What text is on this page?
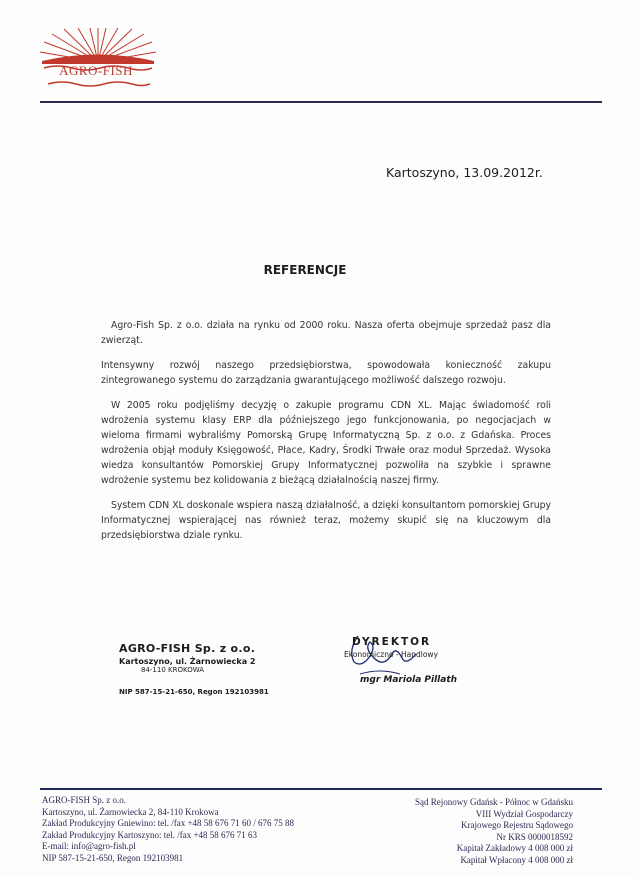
AGRO-FISH
Kartoszyno, 13.09.2012r.
REFERENCJE

Agro-Fish Sp. z o.o. działa na rynku od 2000 roku. Nasza oferta obejmuje sprzedaż pasz dla zwierząt.

Intensywny rozwój naszego przedsiębiorstwa, spowodowała konieczność zakupu zintegrowanego systemu do zarządzania gwarantującego możliwość dalszego rozwoju.

W 2005 roku podjęliśmy decyzję o zakupie programu CDN XL. Mając świadomość roli wdrożenia systemu klasy ERP dla późniejszego jego funkcjonowania, po negocjacjach w wieloma firmami wybraliśmy Pomorską Grupę Informatyczną Sp. z o.o. z Gdańska. Proces wdrożenia objął moduły Księgowość, Płace, Kadry, Środki Trwałe oraz moduł Sprzedaż. Wysoka wiedza konsultantów Pomorskiej Grupy Informatycznej pozwoliła na szybkie i sprawne wdrożenie systemu bez kolidowania z bieżącą działalnością naszej firmy.

System CDN XL doskonale wspiera naszą działalność, a dzięki konsultantom pomorskiej Grupy Informatycznej wspierającej nas również teraz, możemy skupić się na kluczowym dla przedsiębiorstwa dziale rynku.

AGRO-FISH Sp. z o.o.
Kartoszyno, ul. Żarnowiecka 2
84-110 KROKOWA
NIP 587-15-21-650, Regon 192103981
DYREKTOR
Ekonomiczno - Handlowy
mgr Mariola Pillath
AGRO-FISH Sp. z o.o.
Kartoszyno, ul. Żarnowiecka 2, 84-110 Krokowa
Zakład Produkcyjny Gniewino: tel. /fax +48 58 676 71 60 / 676 75 88
Zakład Produkcyjny Kartoszyno: tel. /fax +48 58 676 71 63
E-mail: info@agro-fish.pl
NIP 587-15-21-650, Regon 192103981
Sąd Rejonowy Gdańsk - Północ w Gdańsku
VIII Wydział Gospodarczy
Krajowego Rejestru Sądowego
Nr KRS 0000018592
Kapitał Zakładowy 4 008 000 zł
Kapitał Wpłacony 4 008 000 zł
